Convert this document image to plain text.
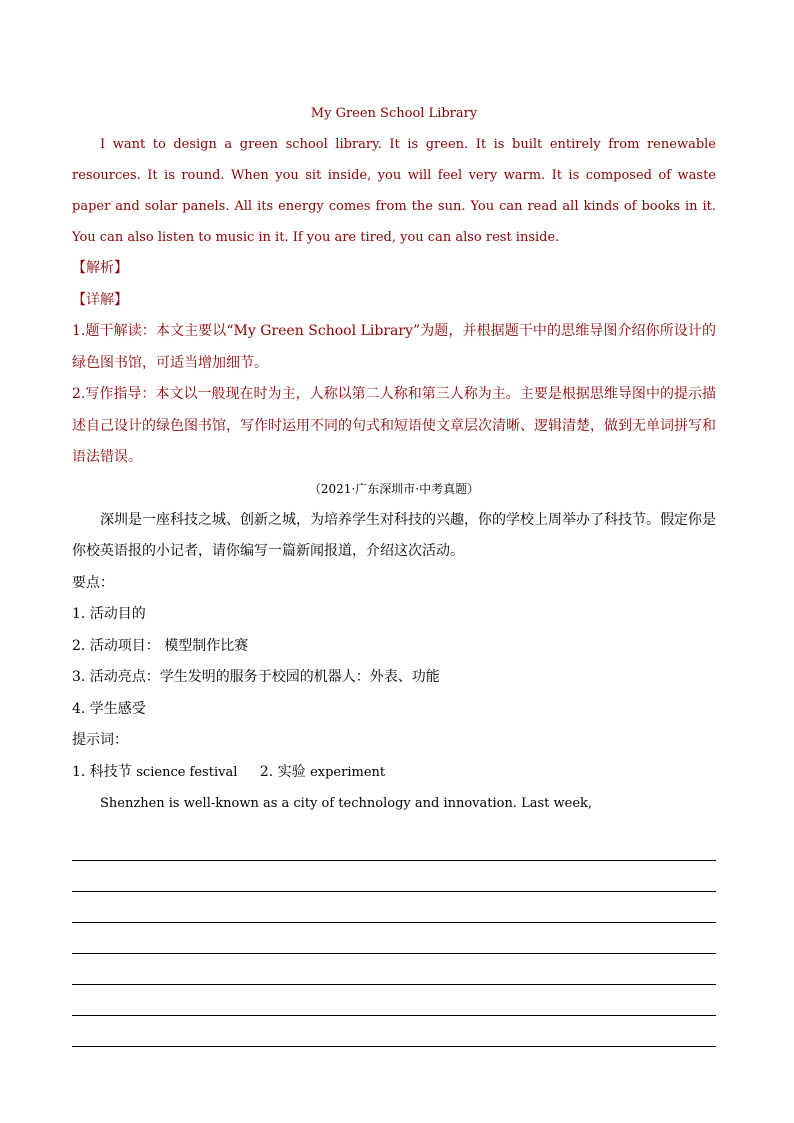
My Green School Library

I want to design a green school library. It is green. It is built entirely from renewable resources. It is round. When you sit inside, you will feel very warm. It is composed of waste paper and solar panels. All its energy comes from the sun. You can read all kinds of books in it. You can also listen to music in it. If you are tired, you can also rest inside.

【解析】

【详解】

1.题干解读：本文主要以“My Green School Library”为题，并根据题干中的思维导图介绍你所设计的绿色图书馆，可适当增加细节。

2.写作指导：本文以一般现在时为主，人称以第二人称和第三人称为主。主要是根据思维导图中的提示描述自己设计的绿色图书馆，写作时运用不同的句式和短语使文章层次清晰、逻辑清楚，做到无单词拼写和语法错误。

（2021·广东深圳市·中考真题）

深圳是一座科技之城、创新之城，为培养学生对科技的兴趣，你的学校上周举办了科技节。假定你是你校英语报的小记者，请你编写一篇新闻报道，介绍这次活动。

要点：

1. 活动目的

2. 活动项目： 模型制作比赛

3. 活动亮点：学生发明的服务于校园的机器人：外表、功能

4. 学生感受

提示词：

1. 科技节 science festival 2. 实验 experiment

Shenzhen is well-known as a city of technology and innovation. Last week,
